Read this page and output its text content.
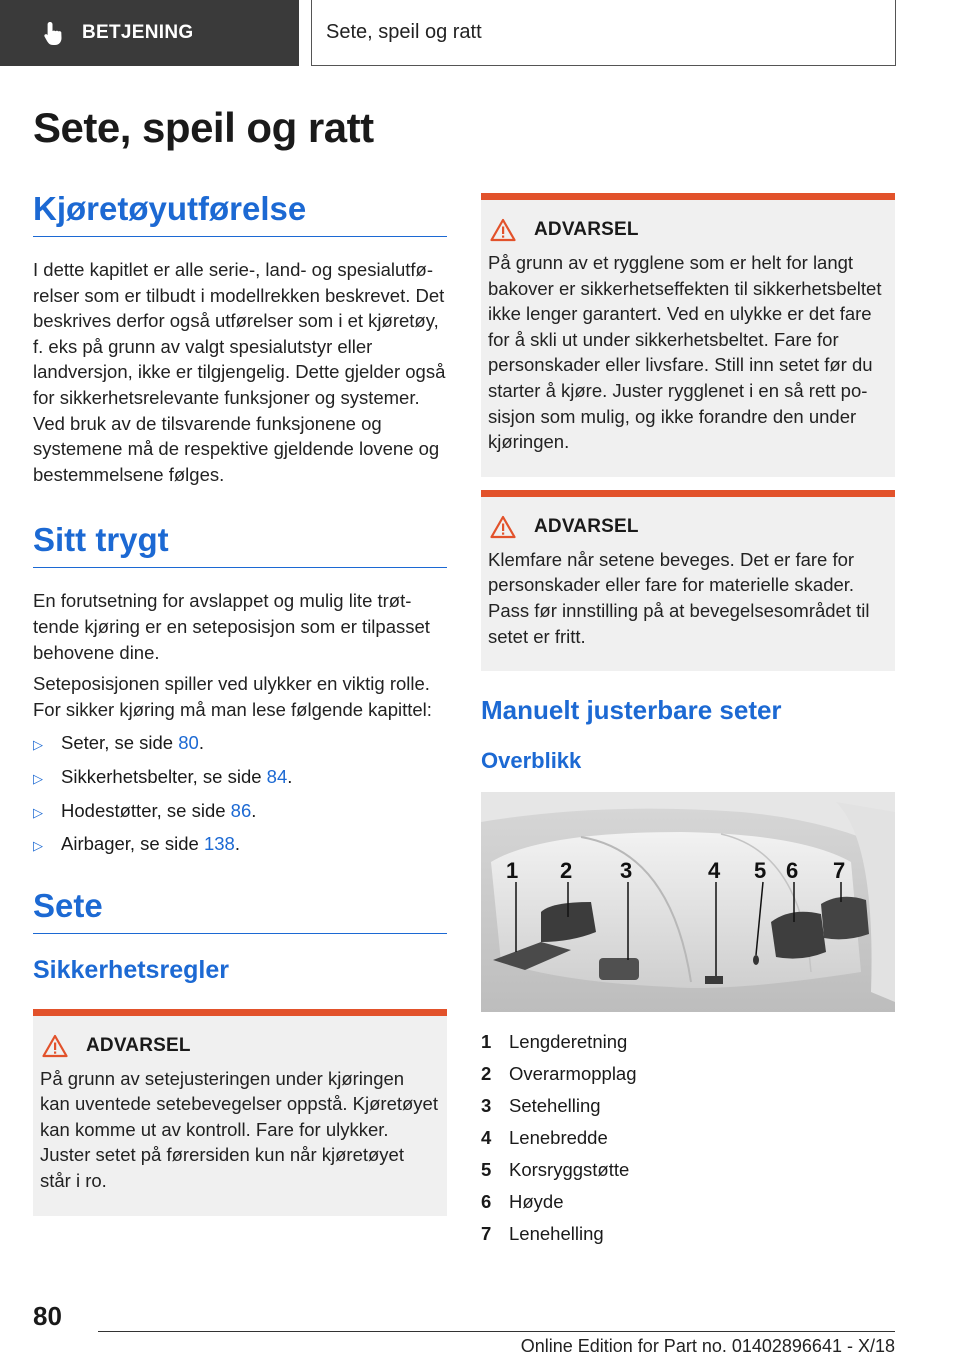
BETJENING	Sete, speil og ratt
Sete, speil og ratt
Kjøretøyutførelse

I dette kapitlet er alle serie-, land- og spesialutførelser som er tilbudt i modellrekken beskrevet. Det beskrives derfor også utførelser som i et kjøretøy, f. eks på grunn av valgt spesialutstyr eller landversjon, ikke er tilgjengelig. Dette gjelder også for sikkerhetsrelevante funksjoner og systemer. Ved bruk av de tilsvarende funksjonene og systemene må de respektive gjeldende lovene og bestemmelsene følges.

Sitt trygt

En forutsetning for avslappet og mulig lite trøttende kjøring er en seteposisjon som er tilpasset behovene dine.

Seteposisjonen spiller ved ulykker en viktig rolle. For sikker kjøring må man lese følgende kapittel:

▷ Seter, se side 80.
▷ Sikkerhetsbelter, se side 84.
▷ Hodestøtter, se side 86.
▷ Airbager, se side 138.
Sete
Sikkerhetsregler
ADVARSEL

På grunn av setejusteringen under kjøringen kan uventede setebevegelser oppstå. Kjøretøyet kan komme ut av kontroll. Fare for ulykker. Juster setet på førersiden kun når kjøretøyet står i ro.

ADVARSEL

På grunn av et rygglene som er helt for langt bakover er sikkerhetseffekten til sikkerhetsbeltet ikke lenger garantert. Ved en ulykke er det fare for å skli ut under sikkerhetsbeltet. Fare for personskader eller livsfare. Still inn setet før du starter å kjøre. Juster rygglenet i en så rett posisjon som mulig, og ikke forandre den under kjøringen.

ADVARSEL

Klemfare når setene beveges. Det er fare for personskader eller fare for materielle skader. Pass før innstilling på at bevegelsesområdet til setet er fritt.

Manuelt justerbare seter
Overblikk
1 2 3	4 5 6 7
1 Lengderetning
2 Overarmopplag
3 Setehelling
4 Lenebredde
5 Korsryggstøtte
6 Høyde
7 Lenehelling
80
Online Edition for Part no. 01402896641 - X/18
